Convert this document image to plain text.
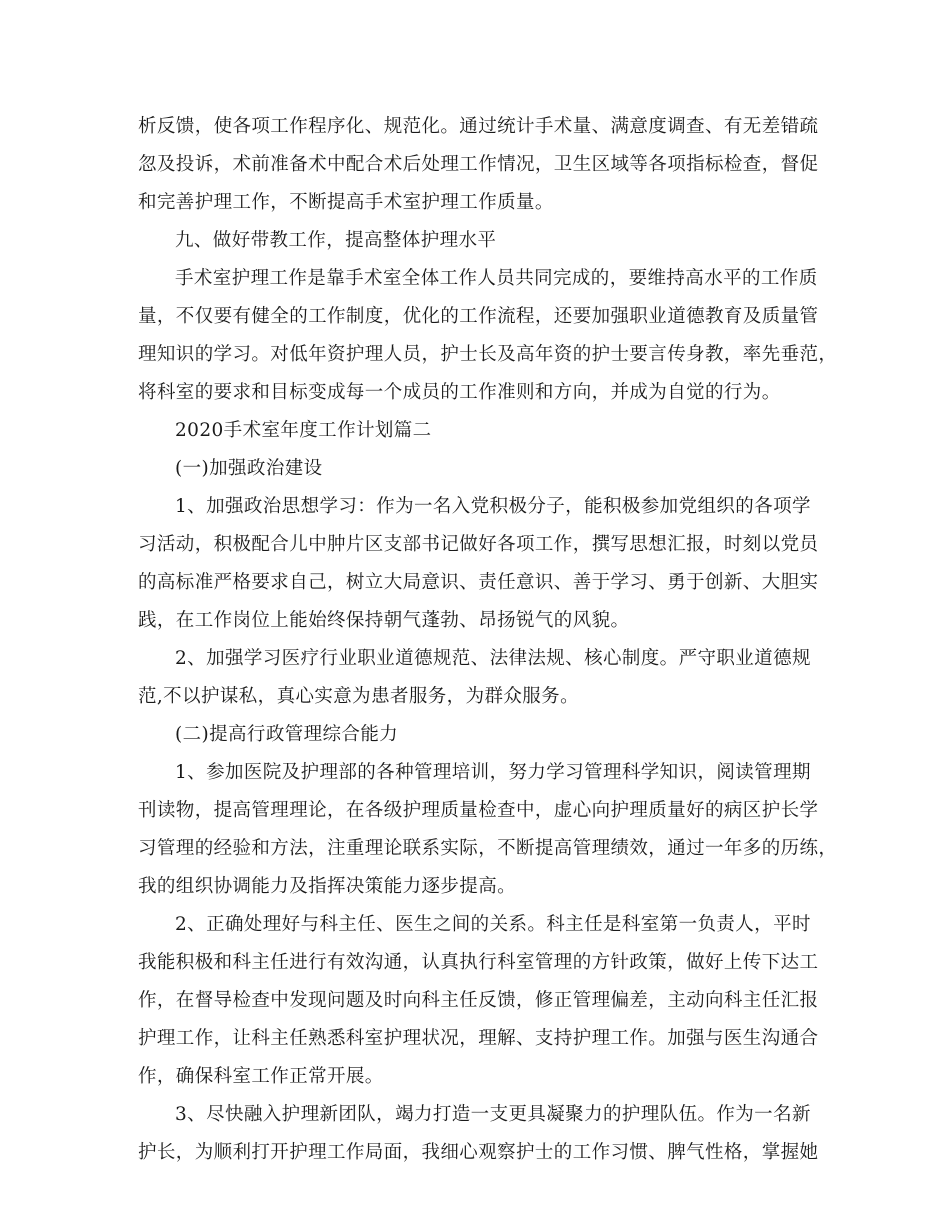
析反馈，使各项工作程序化、规范化。通过统计手术量、满意度调查、有无差错疏
忽及投诉，术前准备术中配合术后处理工作情况，卫生区域等各项指标检查，督促
和完善护理工作，不断提高手术室护理工作质量。
九、做好带教工作，提高整体护理水平
手术室护理工作是靠手术室全体工作人员共同完成的，要维持高水平的工作质
量，不仅要有健全的工作制度，优化的工作流程，还要加强职业道德教育及质量管
理知识的学习。对低年资护理人员，护士长及高年资的护士要言传身教，率先垂范，
将科室的要求和目标变成每一个成员的工作准则和方向，并成为自觉的行为。
2020手术室年度工作计划篇二
(一)加强政治建设
1、加强政治思想学习：作为一名入党积极分子，能积极参加党组织的各项学
习活动，积极配合儿中肿片区支部书记做好各项工作，撰写思想汇报，时刻以党员
的高标准严格要求自己，树立大局意识、责任意识、善于学习、勇于创新、大胆实
践，在工作岗位上能始终保持朝气蓬勃、昂扬锐气的风貌。
2、加强学习医疗行业职业道德规范、法律法规、核心制度。严守职业道德规
范,不以护谋私，真心实意为患者服务，为群众服务。
(二)提高行政管理综合能力
1、参加医院及护理部的各种管理培训，努力学习管理科学知识，阅读管理期
刊读物，提高管理理论，在各级护理质量检查中，虚心向护理质量好的病区护长学
习管理的经验和方法，注重理论联系实际，不断提高管理绩效，通过一年多的历练，
我的组织协调能力及指挥决策能力逐步提高。
2、正确处理好与科主任、医生之间的关系。科主任是科室第一负责人，平时
我能积极和科主任进行有效沟通，认真执行科室管理的方针政策，做好上传下达工
作，在督导检查中发现问题及时向科主任反馈，修正管理偏差，主动向科主任汇报
护理工作，让科主任熟悉科室护理状况，理解、支持护理工作。加强与医生沟通合
作，确保科室工作正常开展。
3、尽快融入护理新团队，竭力打造一支更具凝聚力的护理队伍。作为一名新
护长，为顺利打开护理工作局面，我细心观察护士的工作习惯、脾气性格，掌握她
